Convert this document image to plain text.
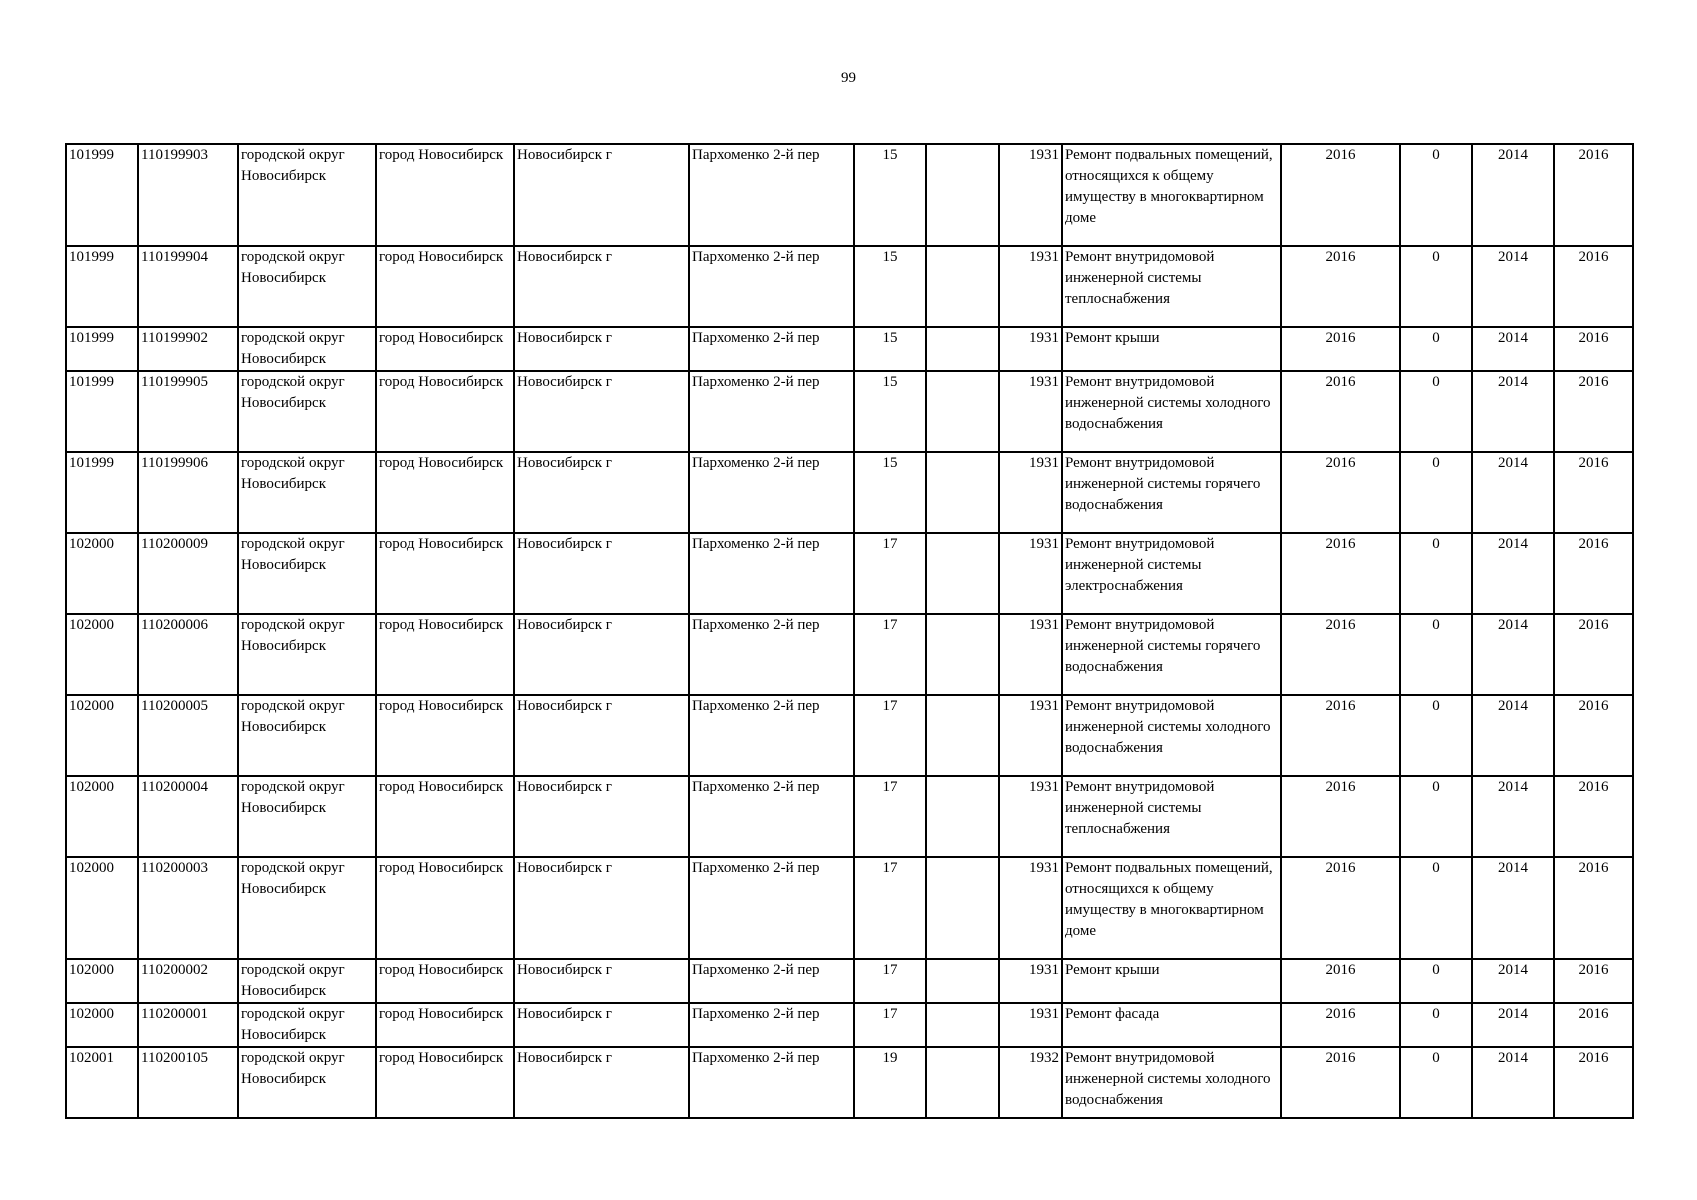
99
101999	110199903	городской округ Новосибирск	город Новосибирск	Новосибирск г	Пархоменко 2-й пер	15		1931	Ремонт подвальных помещений, относящихся к общему имуществу в многоквартирном доме	2016	0	2014	2016
101999	110199904	городской округ Новосибирск	город Новосибирск	Новосибирск г	Пархоменко 2-й пер	15		1931	Ремонт внутридомовой инженерной системы теплоснабжения	2016	0	2014	2016
101999	110199902	городской округ Новосибирск	город Новосибирск	Новосибирск г	Пархоменко 2-й пер	15		1931	Ремонт крыши	2016	0	2014	2016
101999	110199905	городской округ Новосибирск	город Новосибирск	Новосибирск г	Пархоменко 2-й пер	15		1931	Ремонт внутридомовой инженерной системы холодного водоснабжения	2016	0	2014	2016
101999	110199906	городской округ Новосибирск	город Новосибирск	Новосибирск г	Пархоменко 2-й пер	15		1931	Ремонт внутридомовой инженерной системы горячего водоснабжения	2016	0	2014	2016
102000	110200009	городской округ Новосибирск	город Новосибирск	Новосибирск г	Пархоменко 2-й пер	17		1931	Ремонт внутридомовой инженерной системы электроснабжения	2016	0	2014	2016
102000	110200006	городской округ Новосибирск	город Новосибирск	Новосибирск г	Пархоменко 2-й пер	17		1931	Ремонт внутридомовой инженерной системы горячего водоснабжения	2016	0	2014	2016
102000	110200005	городской округ Новосибирск	город Новосибирск	Новосибирск г	Пархоменко 2-й пер	17		1931	Ремонт внутридомовой инженерной системы холодного водоснабжения	2016	0	2014	2016
102000	110200004	городской округ Новосибирск	город Новосибирск	Новосибирск г	Пархоменко 2-й пер	17		1931	Ремонт внутридомовой инженерной системы теплоснабжения	2016	0	2014	2016
102000	110200003	городской округ Новосибирск	город Новосибирск	Новосибирск г	Пархоменко 2-й пер	17		1931	Ремонт подвальных помещений, относящихся к общему имуществу в многоквартирном доме	2016	0	2014	2016
102000	110200002	городской округ Новосибирск	город Новосибирск	Новосибирск г	Пархоменко 2-й пер	17		1931	Ремонт крыши	2016	0	2014	2016
102000	110200001	городской округ Новосибирск	город Новосибирск	Новосибирск г	Пархоменко 2-й пер	17		1931	Ремонт фасада	2016	0	2014	2016
102001	110200105	городской округ Новосибирск	город Новосибирск	Новосибирск г	Пархоменко 2-й пер	19		1932	Ремонт внутридомовой инженерной системы холодного водоснабжения	2016	0	2014	2016
